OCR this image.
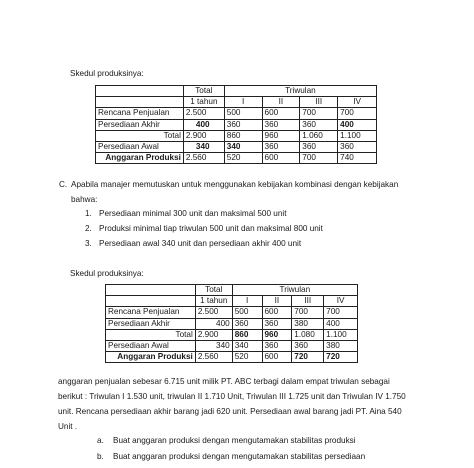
Skedul produksinya:
	Total	Triwulan			
	1 tahun	I	II	III	IV
Rencana Penjualan	2.500	500	600	700	700
Persediaan Akhir	400	360	360	360	400
Total	2.900	860	960	1.060	1.100
Persediaan Awal	340	340	360	360	360
Anggaran Produksi	2.560	520	600	700	740
C. Apabila manajer memutuskan untuk menggunakan kebijakan kombinasi dengan kebijakan
bahwa:
1. Persediaan minimal 300 unit dan maksimal 500 unit
2. Produksi minimal tiap triwulan 500 unit dan maksimal 800 unit
3. Persediaan awal 340 unit dan persediaan akhir 400 unit
Skedul produksinya:
	Total	Triwulan			
	1 tahun	I	II	III	IV
Rencana Penjualan	2.500	500	600	700	700
Persediaan Akhir	400	360	360	380	400
Total	2.900	860	960	1.080	1.100
Persediaan Awal	340	340	360	360	380
Anggaran Produksi	2.560	520	600	720	720
anggaran penjualan sebesar 6.715 unit milik PT. ABC terbagi dalam empat triwulan sebagai
berikut : Triwulan I 1.530 unit, triwulan II 1.710 Unit, Triwulan III 1.725 unit dan Triwulan IV 1.750
unit. Rencana persediaan akhir barang jadi 620 unit. Persediaan awal barang jadi PT. Aina 540
Unit .
a. Buat anggaran produksi dengan mengutamakan stabilitas produksi
b. Buat anggaran produksi dengan mengutamakan stabilitas persediaan
